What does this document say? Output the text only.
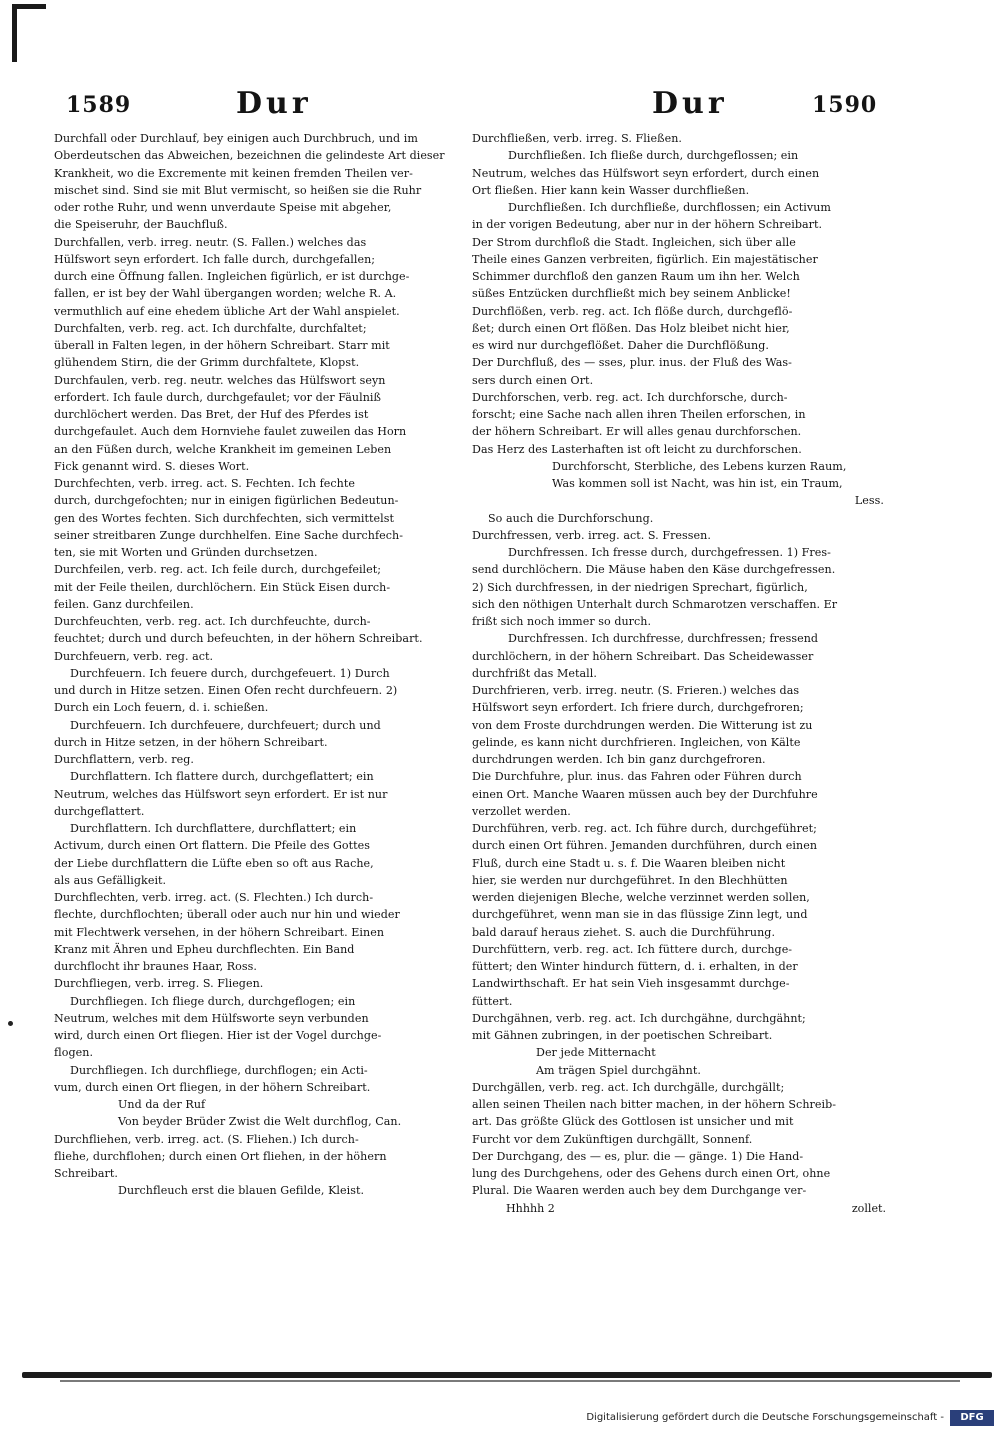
1589	Dur	Dur	1590
Durchfall oder Durchlauf, bey einigen auch Durchbruch, und im
Oberdeutschen das Abweichen, bezeichnen die gelindeste Art dieser
Krankheit, wo die Excremente mit keinen fremden Theilen ver-
mischet sind. Sind sie mit Blut vermischt, so heißen sie die Ruhr
oder rothe Ruhr, und wenn unverdaute Speise mit abgeher,
die Speiseruhr, der Bauchfluß.
Durchfallen, verb. irreg. neutr. (S. Fallen.) welches das
Hülfswort seyn erfordert. Ich falle durch, durchgefallen;
durch eine Öffnung fallen. Ingleichen figürlich, er ist durchge-
fallen, er ist bey der Wahl übergangen worden; welche R. A.
vermuthlich auf eine ehedem übliche Art der Wahl anspielet.
Durchfalten, verb. reg. act. Ich durchfalte, durchfaltet;
überall in Falten legen, in der höhern Schreibart. Starr mit
glühendem Stirn, die der Grimm durchfaltete, Klopst.
Durchfaulen, verb. reg. neutr. welches das Hülfswort seyn
erfordert. Ich faule durch, durchgefaulet; vor der Fäulniß
durchlöchert werden. Das Bret, der Huf des Pferdes ist
durchgefaulet. Auch dem Hornviehe faulet zuweilen das Horn
an den Füßen durch, welche Krankheit im gemeinen Leben
Fick genannt wird. S. dieses Wort.
Durchfechten, verb. irreg. act. S. Fechten. Ich fechte
durch, durchgefochten; nur in einigen figürlichen Bedeutun-
gen des Wortes fechten. Sich durchfechten, sich vermittelst
seiner streitbaren Zunge durchhelfen. Eine Sache durchfech-
ten, sie mit Worten und Gründen durchsetzen.
Durchfeilen, verb. reg. act. Ich feile durch, durchgefeilet;
mit der Feile theilen, durchlöchern. Ein Stück Eisen durch-
feilen. Ganz durchfeilen.
Durchfeuchten, verb. reg. act. Ich durchfeuchte, durch-
feuchtet; durch und durch befeuchten, in der höhern Schreibart.
Durchfeuern, verb. reg. act.
Durchfeuern. Ich feuere durch, durchgefeuert. 1) Durch
und durch in Hitze setzen. Einen Ofen recht durchfeuern. 2)
Durch ein Loch feuern, d. i. schießen.
Durchfeuern. Ich durchfeuere, durchfeuert; durch und
durch in Hitze setzen, in der höhern Schreibart.
Durchflattern, verb. reg.
Durchflattern. Ich flattere durch, durchgeflattert; ein
Neutrum, welches das Hülfswort seyn erfordert. Er ist nur
durchgeflattert.
Durchflattern. Ich durchflattere, durchflattert; ein
Activum, durch einen Ort flattern. Die Pfeile des Gottes
der Liebe durchflattern die Lüfte eben so oft aus Rache,
als aus Gefälligkeit.
Durchflechten, verb. irreg. act. (S. Flechten.) Ich durch-
flechte, durchflochten; überall oder auch nur hin und wieder
mit Flechtwerk versehen, in der höhern Schreibart. Einen
Kranz mit Ähren und Epheu durchflechten. Ein Band
durchflocht ihr braunes Haar, Ross.
Durchfliegen, verb. irreg. S. Fliegen.
Durchfliegen. Ich fliege durch, durchgeflogen; ein
Neutrum, welches mit dem Hülfsworte seyn verbunden
wird, durch einen Ort fliegen. Hier ist der Vogel durchge-
flogen.
Durchfliegen. Ich durchfliege, durchflogen; ein Acti-
vum, durch einen Ort fliegen, in der höhern Schreibart.
Und da der Ruf
Von beyder Brüder Zwist die Welt durchflog, Can.
Durchfliehen, verb. irreg. act. (S. Fliehen.) Ich durch-
fliehe, durchflohen; durch einen Ort fliehen, in der höhern
Schreibart.
Durchfleuch erst die blauen Gefilde, Kleist.
Durchfließen, verb. irreg. S. Fließen.
Durchfließen. Ich fließe durch, durchgeflossen; ein
Neutrum, welches das Hülfswort seyn erfordert, durch einen
Ort fließen. Hier kann kein Wasser durchfließen.
Durchfließen. Ich durchfließe, durchflossen; ein Activum
in der vorigen Bedeutung, aber nur in der höhern Schreibart.
Der Strom durchfloß die Stadt. Ingleichen, sich über alle
Theile eines Ganzen verbreiten, figürlich. Ein majestätischer
Schimmer durchfloß den ganzen Raum um ihn her. Welch
süßes Entzücken durchfließt mich bey seinem Anblicke!
Durchflößen, verb. reg. act. Ich flöße durch, durchgeflö-
ßet; durch einen Ort flößen. Das Holz bleibet nicht hier,
es wird nur durchgeflößet. Daher die Durchflößung.
Der Durchfluß, des — sses, plur. inus. der Fluß des Was-
sers durch einen Ort.
Durchforschen, verb. reg. act. Ich durchforsche, durch-
forscht; eine Sache nach allen ihren Theilen erforschen, in
der höhern Schreibart. Er will alles genau durchforschen.
Das Herz des Lasterhaften ist oft leicht zu durchforschen.
Durchforscht, Sterbliche, des Lebens kurzen Raum,
Was kommen soll ist Nacht, was hin ist, ein Traum,
Less.
So auch die Durchforschung.
Durchfressen, verb. irreg. act. S. Fressen.
Durchfressen. Ich fresse durch, durchgefressen. 1) Fres-
send durchlöchern. Die Mäuse haben den Käse durchgefressen.
2) Sich durchfressen, in der niedrigen Sprechart, figürlich,
sich den nöthigen Unterhalt durch Schmarotzen verschaffen. Er
frißt sich noch immer so durch.
Durchfressen. Ich durchfresse, durchfressen; fressend
durchlöchern, in der höhern Schreibart. Das Scheidewasser
durchfrißt das Metall.
Durchfrieren, verb. irreg. neutr. (S. Frieren.) welches das
Hülfswort seyn erfordert. Ich friere durch, durchgefroren;
von dem Froste durchdrungen werden. Die Witterung ist zu
gelinde, es kann nicht durchfrieren. Ingleichen, von Kälte
durchdrungen werden. Ich bin ganz durchgefroren.
Die Durchfuhre, plur. inus. das Fahren oder Führen durch
einen Ort. Manche Waaren müssen auch bey der Durchfuhre
verzollet werden.
Durchführen, verb. reg. act. Ich führe durch, durchgeführet;
durch einen Ort führen. Jemanden durchführen, durch einen
Fluß, durch eine Stadt u. s. f. Die Waaren bleiben nicht
hier, sie werden nur durchgeführet. In den Blechhütten
werden diejenigen Bleche, welche verzinnet werden sollen,
durchgeführet, wenn man sie in das flüssige Zinn legt, und
bald darauf heraus ziehet. S. auch die Durchführung.
Durchfüttern, verb. reg. act. Ich füttere durch, durchge-
füttert; den Winter hindurch füttern, d. i. erhalten, in der
Landwirthschaft. Er hat sein Vieh insgesammt durchge-
füttert.
Durchgähnen, verb. reg. act. Ich durchgähne, durchgähnt;
mit Gähnen zubringen, in der poetischen Schreibart.
Der jede Mitternacht
Am trägen Spiel durchgähnt.
Durchgällen, verb. reg. act. Ich durchgälle, durchgällt;
allen seinen Theilen nach bitter machen, in der höhern Schreib-
art. Das größte Glück des Gottlosen ist unsicher und mit
Furcht vor dem Zukünftigen durchgällt, Sonnenf.
Der Durchgang, des — es, plur. die — gänge. 1) Die Hand-
lung des Durchgehens, oder des Gehens durch einen Ort, ohne
Plural. Die Waaren werden auch bey dem Durchgange ver-
Hhhhh 2	zollet.
Digitalisierung gefördert durch die Deutsche Forschungsgemeinschaft -	DFG
